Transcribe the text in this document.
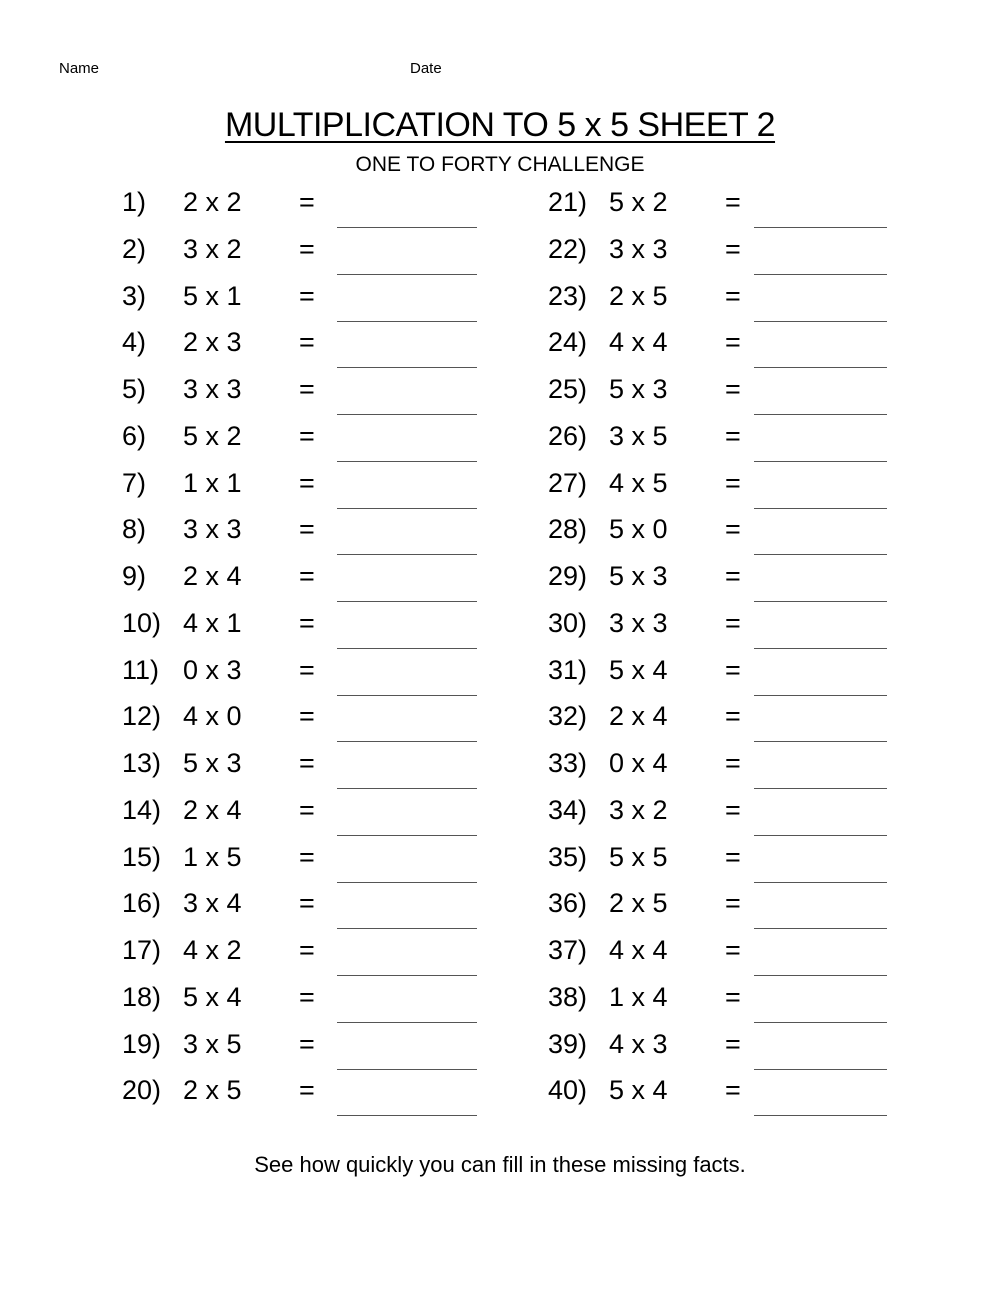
Name	Date
MULTIPLICATION TO 5 x 5 SHEET 2
ONE TO FORTY CHALLENGE
1) 2 x 2 =
2) 3 x 2 =
3) 5 x 1 =
4) 2 x 3 =
5) 3 x 3 =
6) 5 x 2 =
7) 1 x 1 =
8) 3 x 3 =
9) 2 x 4 =
10) 4 x 1 =
11) 0 x 3 =
12) 4 x 0 =
13) 5 x 3 =
14) 2 x 4 =
15) 1 x 5 =
16) 3 x 4 =
17) 4 x 2 =
18) 5 x 4 =
19) 3 x 5 =
20) 2 x 5 =
21) 5 x 2 =
22) 3 x 3 =
23) 2 x 5 =
24) 4 x 4 =
25) 5 x 3 =
26) 3 x 5 =
27) 4 x 5 =
28) 5 x 0 =
29) 5 x 3 =
30) 3 x 3 =
31) 5 x 4 =
32) 2 x 4 =
33) 0 x 4 =
34) 3 x 2 =
35) 5 x 5 =
36) 2 x 5 =
37) 4 x 4 =
38) 1 x 4 =
39) 4 x 3 =
40) 5 x 4 =
See how quickly you can fill in these missing facts.
